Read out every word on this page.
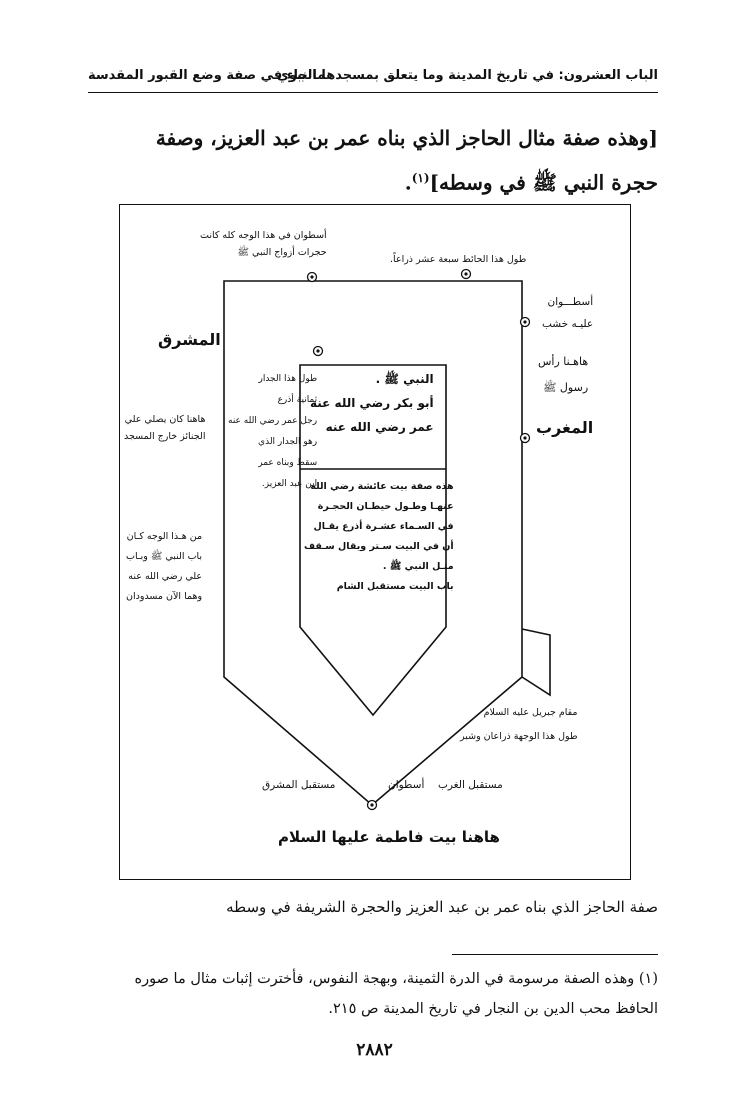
الباب العشرون: في تاريخ المدينة وما يتعلق بمسجدها النبوي
ما جاء في صفة وضع القبور المقدسة
[وهذه صفة مثال الحاجز الذي بناه عمر بن عبد العزيز، وصفة
حجرة النبي ﷺ في وسطه]$^{(١)}$.
أسطوان في هذا الوجه كله كانت
حجرات أزواج النبي ﷺ
طول هذا الحائط سبعة عشر ذراعاً.
المشرق
أسطـــوان
عليـه خشب
هاهـنا رأس
رسول ﷺ
المغرب
هاهنا كان يصلي علي
الجنائز خارج المسجد
من هـذا الوجه كـان
باب النبي ﷺ وبـاب
علي رضي الله عنه
وهما الآن مسدودان
طول هذا الجدار
ثمانية أذرع
رجل عمر رضي الله عنه
رهو الجدار الذي
سقط وبناه عمر
ابن عبد العزيز.
النبي ﷺ .
أبو بكر رضي الله عنه
عمر رضي الله عنه
هذه صفة بيت عائشة رضي الله
عنهـا وطـول حيطـان الحجـرة
في السـماء عشـرة أذرع يقـال
أن في البيت سـتر ويقال سـقف
مثـل النبي ﷺ .
باب البيت مستقبل الشام
مقام جبريل عليه السلام
طول هذا الوجهة ذراعان وشبر
مستقبل المشرق	أسطوان مستقبل الغرب
هاهنا بيت فاطمة عليها السلام
صفة الحاجز الذي بناه عمر بن عبد العزيز والحجرة الشريفة في وسطه
(١) وهذه الصفة مرسومة في الدرة الثمينة، وبهجة النفوس، فأخترت إثبات مثال ما صوره
الحافظ محب الدين بن النجار في تاريخ المدينة ص ٢١٥.
٢٨٨٢
